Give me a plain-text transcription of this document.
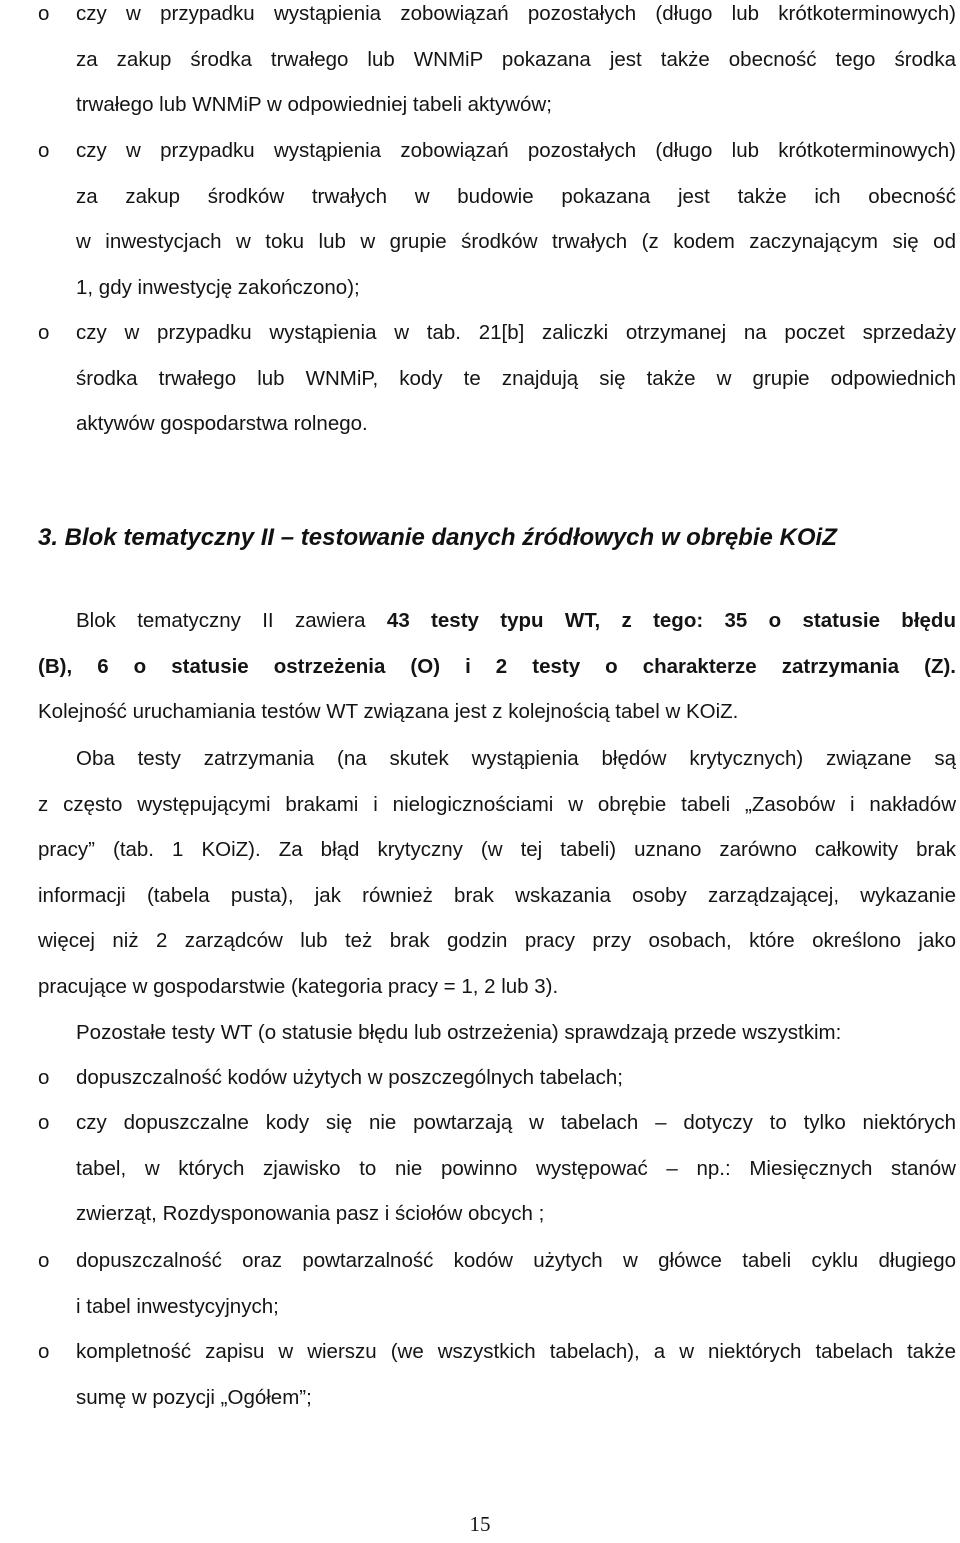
o czy w przypadku wystąpienia zobowiązań pozostałych (długo lub krótkoterminowych)
za zakup środka trwałego lub WNMiP pokazana jest także obecność tego środka
trwałego lub WNMiP w odpowiedniej tabeli aktywów;
o czy w przypadku wystąpienia zobowiązań pozostałych (długo lub krótkoterminowych)
za zakup środków trwałych w budowie pokazana jest także ich obecność
w inwestycjach w toku lub w grupie środków trwałych (z kodem zaczynającym się od
1, gdy inwestycję zakończono);
o czy w przypadku wystąpienia w tab. 21[b] zaliczki otrzymanej na poczet sprzedaży
środka trwałego lub WNMiP, kody te znajdują się także w grupie odpowiednich
aktywów gospodarstwa rolnego.
3. Blok tematyczny II – testowanie danych źródłowych w obrębie KOiZ
Blok tematyczny II zawiera 43 testy typu WT, z tego: 35 o statusie błędu
(B), 6 o statusie ostrzeżenia (O) i 2 testy o charakterze zatrzymania (Z).
Kolejność uruchamiania testów WT związana jest z kolejnością tabel w KOiZ.
Oba testy zatrzymania (na skutek wystąpienia błędów krytycznych) związane są
z często występującymi brakami i nielogicznościami w obrębie tabeli „Zasobów i nakładów
pracy” (tab. 1 KOiZ). Za błąd krytyczny (w tej tabeli) uznano zarówno całkowity brak
informacji (tabela pusta), jak również brak wskazania osoby zarządzającej, wykazanie
więcej niż 2 zarządców lub też brak godzin pracy przy osobach, które określono jako
pracujące w gospodarstwie (kategoria pracy = 1, 2 lub 3).
Pozostałe testy WT (o statusie błędu lub ostrzeżenia) sprawdzają przede wszystkim:
o dopuszczalność kodów użytych w poszczególnych tabelach;
o czy dopuszczalne kody się nie powtarzają w tabelach – dotyczy to tylko niektórych
tabel, w których zjawisko to nie powinno występować – np.: Miesięcznych stanów
zwierząt, Rozdysponowania pasz i ściołów obcych ;
o dopuszczalność oraz powtarzalność kodów użytych w główce tabeli cyklu długiego
i tabel inwestycyjnych;
o kompletność zapisu w wierszu (we wszystkich tabelach), a w niektórych tabelach także
sumę w pozycji „Ogółem”;
15
